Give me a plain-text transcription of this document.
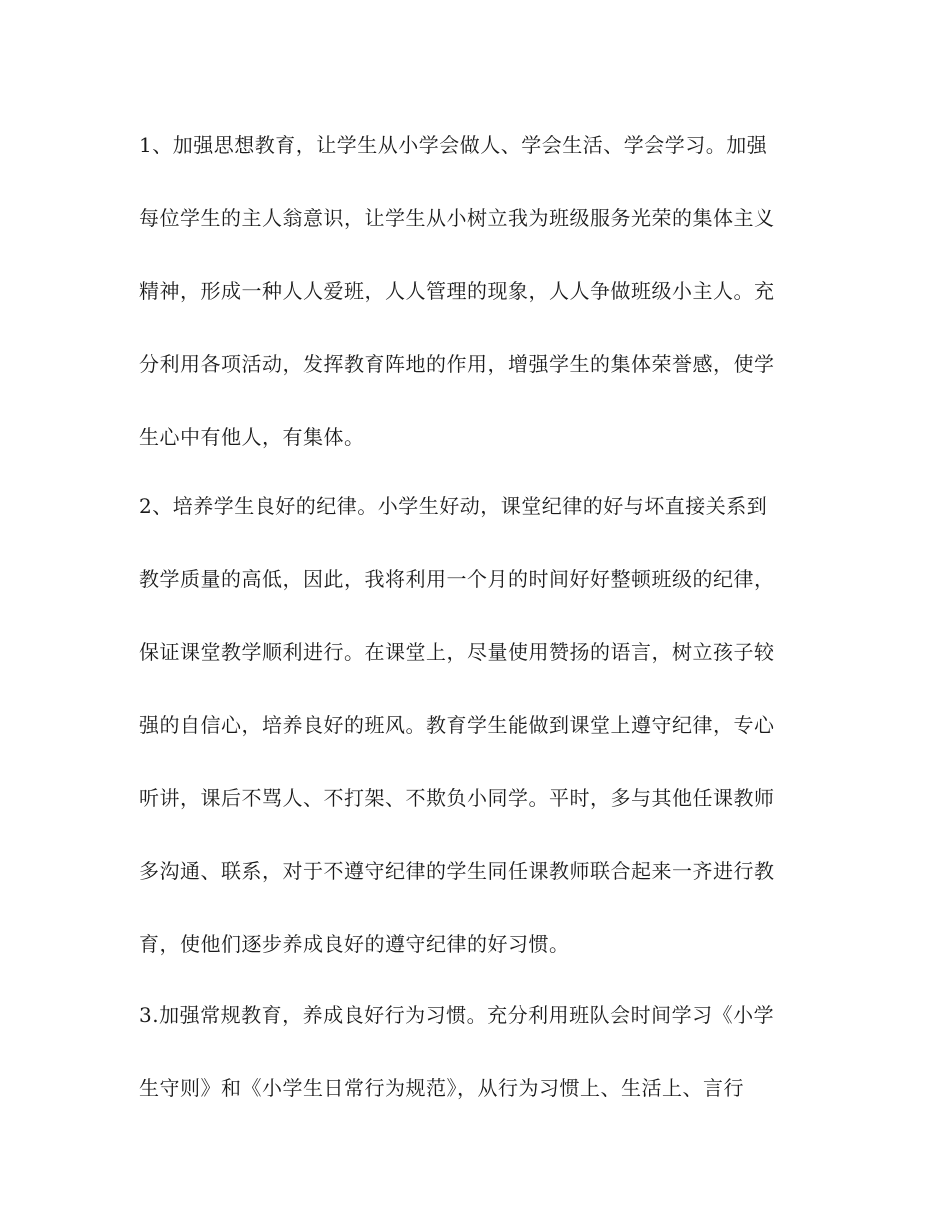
1、加强思想教育，让学生从小学会做人、学会生活、学会学习。加强
每位学生的主人翁意识，让学生从小树立我为班级服务光荣的集体主义
精神，形成一种人人爱班，人人管理的现象，人人争做班级小主人。充
分利用各项活动，发挥教育阵地的作用，增强学生的集体荣誉感，使学
生心中有他人，有集体。
2、培养学生良好的纪律。小学生好动，课堂纪律的好与坏直接关系到
教学质量的高低，因此，我将利用一个月的时间好好整顿班级的纪律，
保证课堂教学顺利进行。在课堂上，尽量使用赞扬的语言，树立孩子较
强的自信心，培养良好的班风。教育学生能做到课堂上遵守纪律，专心
听讲，课后不骂人、不打架、不欺负小同学。平时，多与其他任课教师
多沟通、联系，对于不遵守纪律的学生同任课教师联合起来一齐进行教
育，使他们逐步养成良好的遵守纪律的好习惯。
3.加强常规教育，养成良好行为习惯。充分利用班队会时间学习《小学
生守则》和《小学生日常行为规范》，从行为习惯上、生活上、言行
